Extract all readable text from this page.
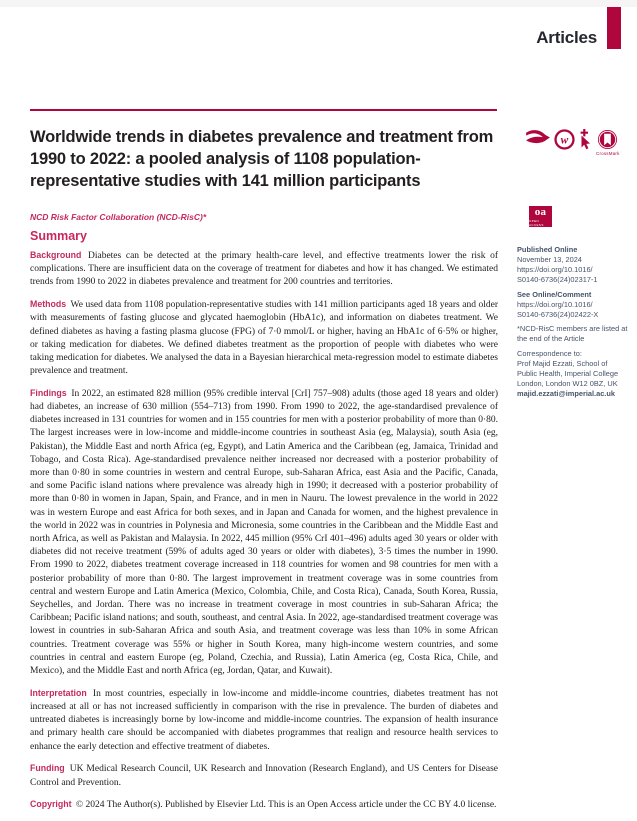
Articles
Worldwide trends in diabetes prevalence and treatment from 1990 to 2022: a pooled analysis of 1108 population-representative studies with 141 million participants
NCD Risk Factor Collaboration (NCD-RisC)*
w
CrossMark
oa
OPEN ACCESS
Summary

Background Diabetes can be detected at the primary health-care level, and effective treatments lower the risk of complications. There are insufficient data on the coverage of treatment for diabetes and how it has changed. We estimated trends from 1990 to 2022 in diabetes prevalence and treatment for 200 countries and territories.

Methods We used data from 1108 population-representative studies with 141 million participants aged 18 years and older with measurements of fasting glucose and glycated haemoglobin (HbA1c), and information on diabetes treatment. We defined diabetes as having a fasting plasma glucose (FPG) of 7·0 mmol/L or higher, having an HbA1c of 6·5% or higher, or taking medication for diabetes. We defined diabetes treatment as the proportion of people with diabetes who were taking medication for diabetes. We analysed the data in a Bayesian hierarchical meta-regression model to estimate diabetes prevalence and treatment.

Findings In 2022, an estimated 828 million (95% credible interval [CrI] 757–908) adults (those aged 18 years and older) had diabetes, an increase of 630 million (554–713) from 1990. From 1990 to 2022, the age-standardised prevalence of diabetes increased in 131 countries for women and in 155 countries for men with a posterior probability of more than 0·80. The largest increases were in low-income and middle-income countries in southeast Asia (eg, Malaysia), south Asia (eg, Pakistan), the Middle East and north Africa (eg, Egypt), and Latin America and the Caribbean (eg, Jamaica, Trinidad and Tobago, and Costa Rica). Age-standardised prevalence neither increased nor decreased with a posterior probability of more than 0·80 in some countries in western and central Europe, sub-Saharan Africa, east Asia and the Pacific, Canada, and some Pacific island nations where prevalence was already high in 1990; it decreased with a posterior probability of more than 0·80 in women in Japan, Spain, and France, and in men in Nauru. The lowest prevalence in the world in 2022 was in western Europe and east Africa for both sexes, and in Japan and Canada for women, and the highest prevalence in the world in 2022 was in countries in Polynesia and Micronesia, some countries in the Caribbean and the Middle East and north Africa, as well as Pakistan and Malaysia. In 2022, 445 million (95% CrI 401–496) adults aged 30 years or older with diabetes did not receive treatment (59% of adults aged 30 years or older with diabetes), 3·5 times the number in 1990. From 1990 to 2022, diabetes treatment coverage increased in 118 countries for women and 98 countries for men with a posterior probability of more than 0·80. The largest improvement in treatment coverage was in some countries from central and western Europe and Latin America (Mexico, Colombia, Chile, and Costa Rica), Canada, South Korea, Russia, Seychelles, and Jordan. There was no increase in treatment coverage in most countries in sub-Saharan Africa; the Caribbean; Pacific island nations; and south, southeast, and central Asia. In 2022, age-standardised treatment coverage was lowest in countries in sub-Saharan Africa and south Asia, and treatment coverage was less than 10% in some African countries. Treatment coverage was 55% or higher in South Korea, many high-income western countries, and some countries in central and eastern Europe (eg, Poland, Czechia, and Russia), Latin America (eg, Costa Rica, Chile, and Mexico), and the Middle East and north Africa (eg, Jordan, Qatar, and Kuwait).

Interpretation In most countries, especially in low-income and middle-income countries, diabetes treatment has not increased at all or has not increased sufficiently in comparison with the rise in prevalence. The burden of diabetes and untreated diabetes is increasingly borne by low-income and middle-income countries. The expansion of health insurance and primary health care should be accompanied with diabetes programmes that realign and resource health services to enhance the early detection and effective treatment of diabetes.

Funding UK Medical Research Council, UK Research and Innovation (Research England), and US Centers for Disease Control and Prevention.

Copyright © 2024 The Author(s). Published by Elsevier Ltd. This is an Open Access article under the CC BY 4.0 license.

Published Online
November 13, 2024
https://doi.org/10.1016/
S0140-6736(24)02317-1
See Online/Comment
https://doi.org/10.1016/
S0140-6736(24)02422-X
*NCD-RisC members are listed at the end of the Article
Correspondence to:
Prof Majid Ezzati, School of
Public Health, Imperial College
London, London W12 0BZ, UK
majid.ezzati@imperial.ac.uk
